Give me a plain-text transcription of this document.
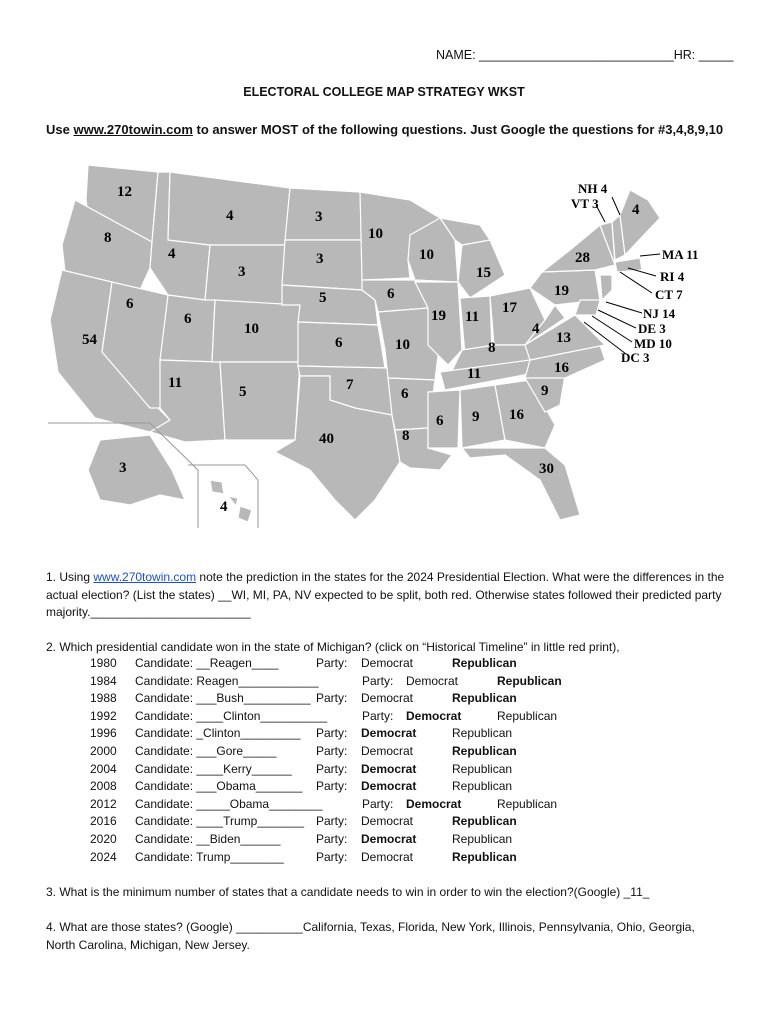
NAME: ____________________________HR: _____
ELECTORAL COLLEGE MAP STRATEGY WKST
Use www.270towin.com to answer MOST of the following questions. Just Google the questions for #3,4,8,9,10
12
8
54
6
4
4
3
6
11
10
5
3
3
5
6
7
40
10
6
10
6
8
10
19
15
11
17
8
11
6 9 16
30
9
16
13
4
19
28
4
3
4
NH 4
VT 3
MA 11
RI 4
CT 7
NJ 14
DE 3
MD 10
DC 3
1. Using www.270towin.com note the prediction in the states for the 2024 Presidential Election. What were the differences in the actual election? (List the states) __WI, MI, PA, NV expected to be split, both red. Otherwise states followed their predicted party majority.________________________
2. Which presidential candidate won in the state of Michigan? (click on “Historical Timeline” in little red print),
1980 Candidate: __Reagen____	Party: Democrat	Republican
1984 Candidate: Reagen____________	Party: Democrat	Republican
1988 Candidate: ___Bush__________ Party: Democrat	Republican
1992 Candidate: ____Clinton__________	Party: Democrat	Republican
1996 Candidate: _Clinton_________ Party: Democrat	Republican
2000 Candidate: ___Gore_____	Party: Democrat	Republican
2004 Candidate: ____Kerry______ Party: Democrat	Republican
2008 Candidate: ___Obama_______ Party: Democrat	Republican
2012 Candidate: _____Obama________	Party: Democrat	Republican
2016 Candidate: ____Trump_______ Party: Democrat	Republican
2020 Candidate: __Biden______	Party: Democrat	Republican
2024 Candidate: Trump________	Party: Democrat	Republican
3. What is the minimum number of states that a candidate needs to win in order to win the election?(Google) _11_
4. What are those states? (Google) __________California, Texas, Florida, New York, Illinois, Pennsylvania, Ohio, Georgia, North Carolina, Michigan, New Jersey.
